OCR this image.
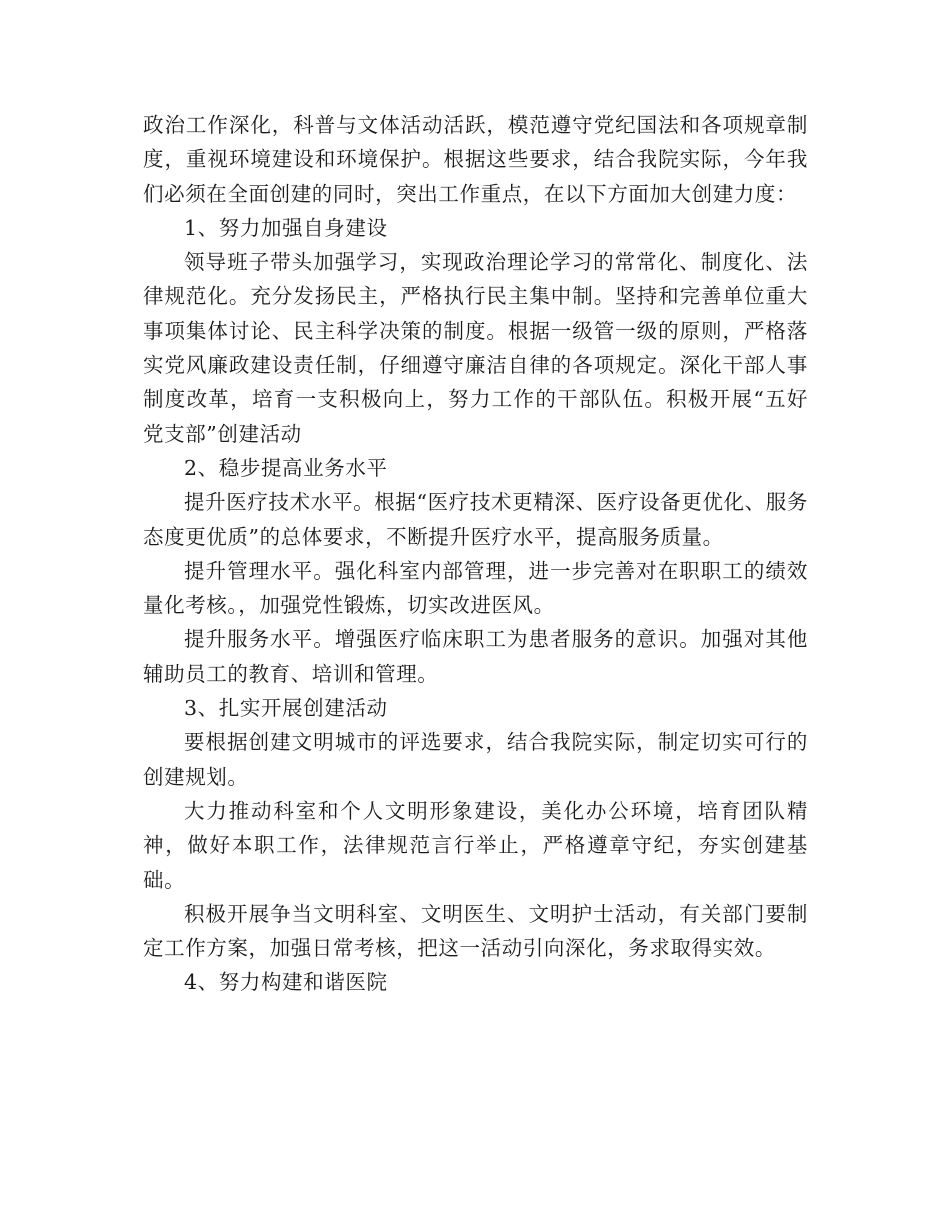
政治工作深化，科普与文体活动活跃，模范遵守党纪国法和各项规章制度，重视环境建设和环境保护。根据这些要求，结合我院实际，今年我们必须在全面创建的同时，突出工作重点，在以下方面加大创建力度：

1、努力加强自身建设

领导班子带头加强学习，实现政治理论学习的常常化、制度化、法律规范化。充分发扬民主，严格执行民主集中制。坚持和完善单位重大事项集体讨论、民主科学决策的制度。根据一级管一级的原则，严格落实党风廉政建设责任制，仔细遵守廉洁自律的各项规定。深化干部人事制度改革，培育一支积极向上，努力工作的干部队伍。积极开展“五好党支部”创建活动

2、稳步提高业务水平

提升医疗技术水平。根据“医疗技术更精深、医疗设备更优化、服务态度更优质”的总体要求，不断提升医疗水平，提高服务质量。

提升管理水平。强化科室内部管理，进一步完善对在职职工的绩效量化考核。，加强党性锻炼，切实改进医风。

提升服务水平。增强医疗临床职工为患者服务的意识。加强对其他辅助员工的教育、培训和管理。

3、扎实开展创建活动

要根据创建文明城市的评选要求，结合我院实际，制定切实可行的创建规划。

大力推动科室和个人文明形象建设，美化办公环境，培育团队精神，做好本职工作，法律规范言行举止，严格遵章守纪，夯实创建基础。

积极开展争当文明科室、文明医生、文明护士活动，有关部门要制定工作方案，加强日常考核，把这一活动引向深化，务求取得实效。

4、努力构建和谐医院
